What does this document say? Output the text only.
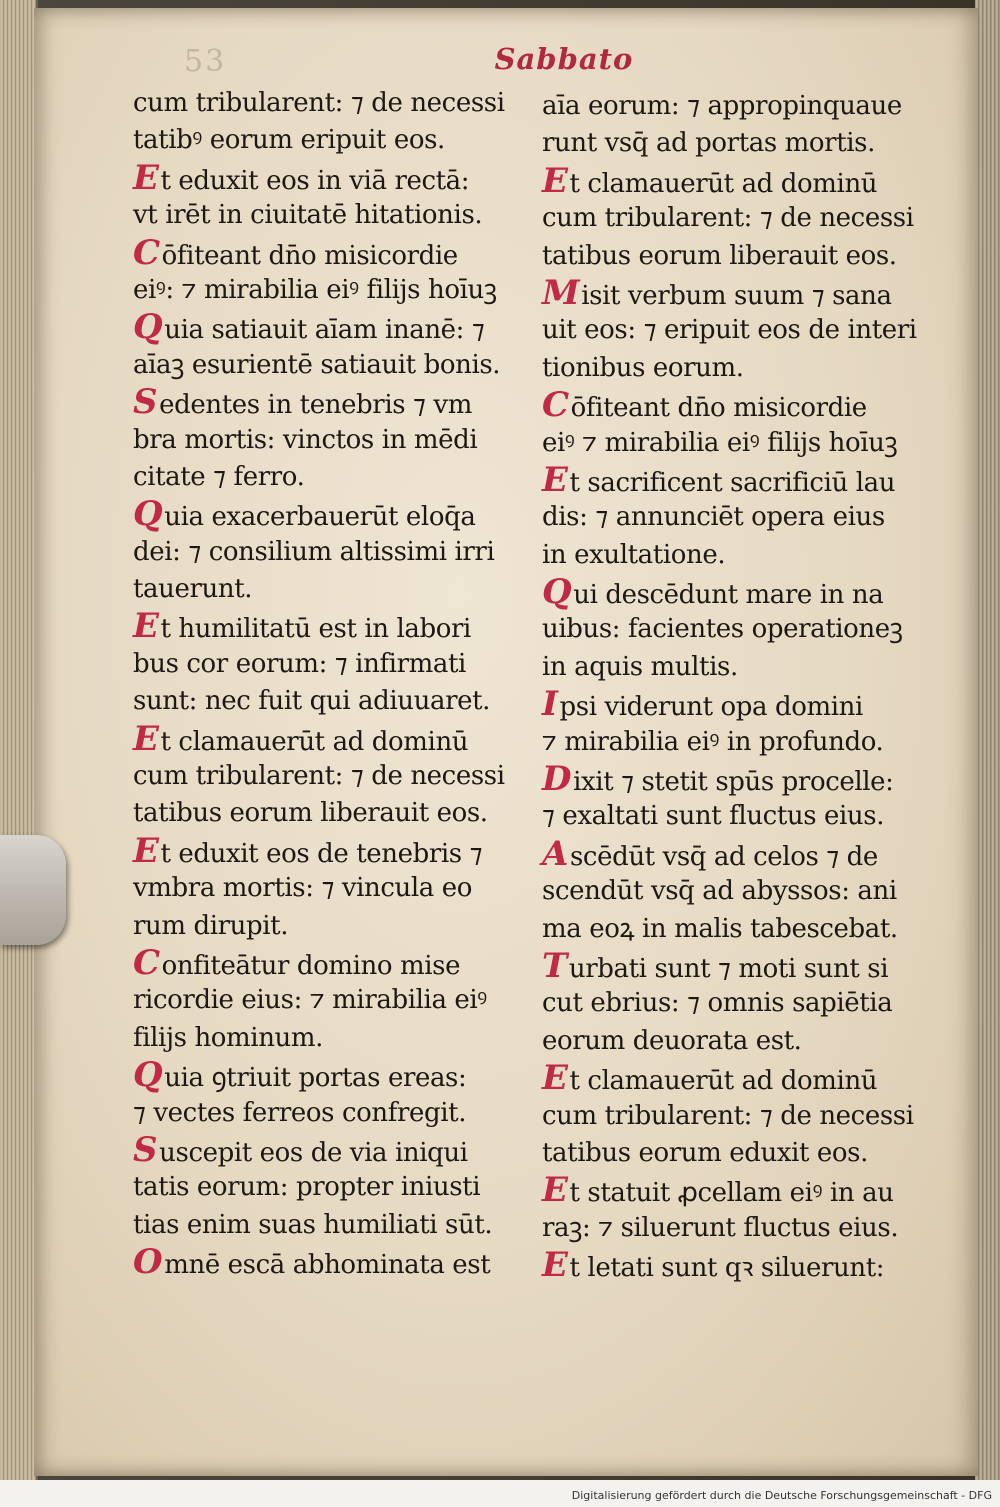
53	Sabbato
cum tribularent: ⁊ de necessi
tatibꝰ eorum eripuit eos.
Et eduxit eos in viā rectā:
vt irēt in ciuitatē hitationis.
Cōfiteant dn̄o misicordie
eiꝰ: ⁊ mirabilia eiꝰ filijs hoīuꝫ
Quia satiauit aīam inanē: ⁊
aīaꝫ esurientē satiauit bonis.
Sedentes in tenebris ⁊ vm
bra mortis: vinctos in mēdi
citate ⁊ ferro.
Quia exacerbauerūt eloq̄a
dei: ⁊ consilium altissimi irri
tauerunt.
Et humilitatū est in labori
bus cor eorum: ⁊ infirmati
sunt: nec fuit qui adiuuaret.
Et clamauerūt ad dominū
cum tribularent: ⁊ de necessi
tatibus eorum liberauit eos.
Et eduxit eos de tenebris ⁊
vmbra mortis: ⁊ vincula eo
rum dirupit.
Confiteātur domino mise
ricordie eius: ⁊ mirabilia eiꝰ
filijs hominum.
Quia ꝯtriuit portas ereas:
⁊ vectes ferreos confregit.
Suscepit eos de via iniqui
tatis eorum: propter iniusti
tias enim suas humiliati sūt.
Omnē escā abhominata est
aīa eorum: ⁊ appropinquaue
runt vsq̄ ad portas mortis.
Et clamauerūt ad dominū
cum tribularent: ⁊ de necessi
tatibus eorum liberauit eos.
Misit verbum suum ⁊ sana
uit eos: ⁊ eripuit eos de interi
tionibus eorum.
Cōfiteant dn̄o misicordie
eiꝰ ⁊ mirabilia eiꝰ filijs hoīuꝫ
Et sacrificent sacrificiū lau
dis: ⁊ annunciēt opera eius
in exultatione.
Qui descēdunt mare in na
uibus: facientes operationeꝫ
in aquis multis.
Ipsi viderunt opa domini
⁊ mirabilia eiꝰ in profundo.
Dixit ⁊ stetit spūs procelle:
⁊ exaltati sunt fluctus eius.
Ascēdūt vsq̄ ad celos ⁊ de
scendūt vsq̄ ad abyssos: ani
ma eoꝝ in malis tabescebat.
Turbati sunt ⁊ moti sunt si
cut ebrius: ⁊ omnis sapiētia
eorum deuorata est.
Et clamauerūt ad dominū
cum tribularent: ⁊ de necessi
tatibus eorum eduxit eos.
Et statuit ꝓcellam eiꝰ in au
raꝫ: ⁊ siluerunt fluctus eius.
Et letati sunt qꝛ siluerunt:
Digitalisierung gefördert durch die Deutsche Forschungsgemeinschaft - DFG
